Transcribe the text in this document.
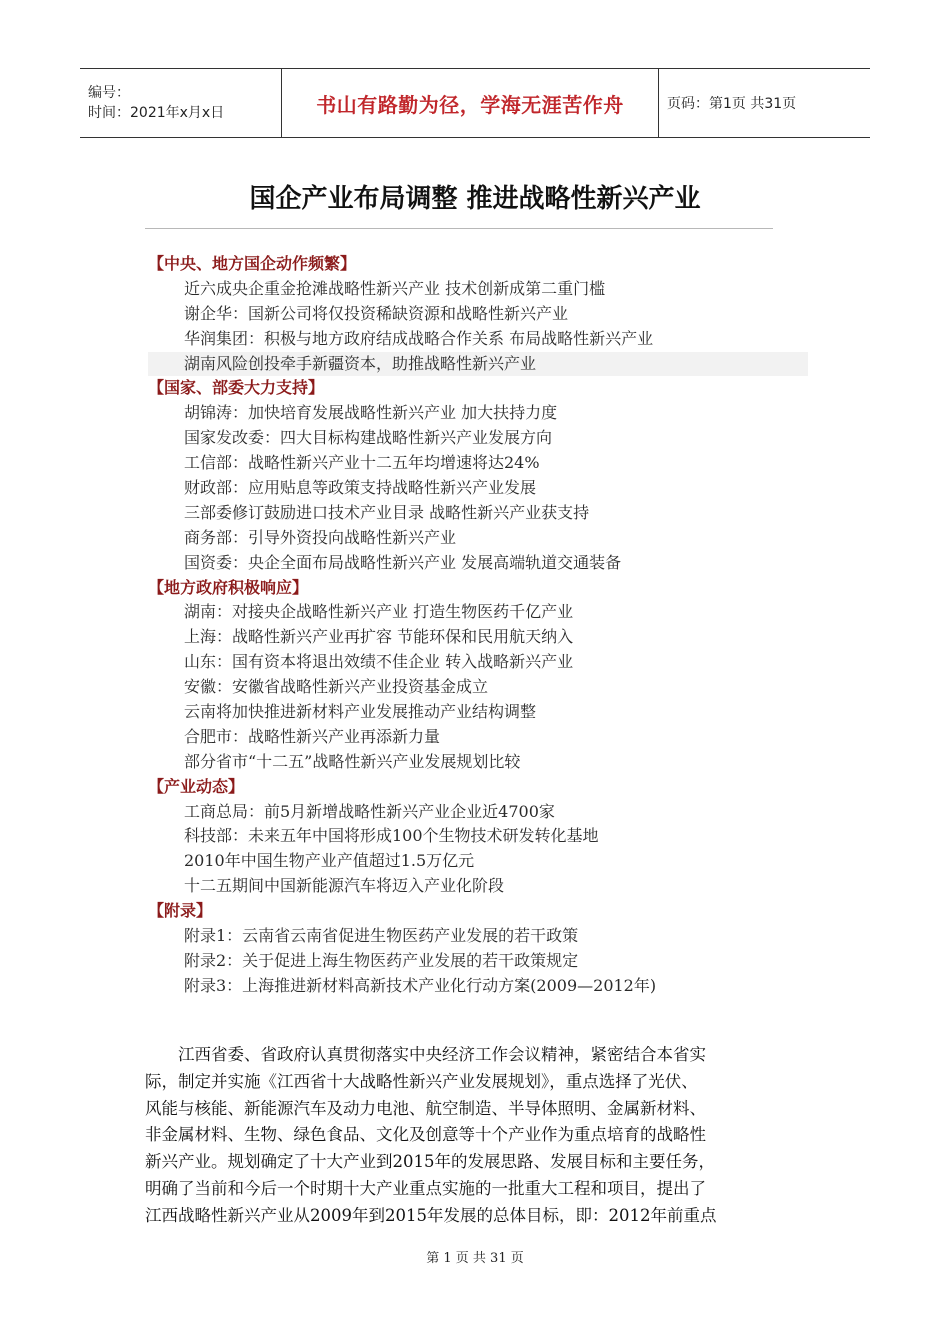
编号：
时间：2021年x月x日	书山有路勤为径，学海无涯苦作舟	页码：第1页 共31页
国企产业布局调整 推进战略性新兴产业
【中央、地方国企动作频繁】
近六成央企重金抢滩战略性新兴产业 技术创新成第二重门槛
谢企华：国新公司将仅投资稀缺资源和战略性新兴产业
华润集团：积极与地方政府结成战略合作关系 布局战略性新兴产业
湖南风险创投牵手新疆资本，助推战略性新兴产业
【国家、部委大力支持】
胡锦涛：加快培育发展战略性新兴产业 加大扶持力度
国家发改委：四大目标构建战略性新兴产业发展方向
工信部：战略性新兴产业十二五年均增速将达24%
财政部：应用贴息等政策支持战略性新兴产业发展
三部委修订鼓励进口技术产业目录 战略性新兴产业获支持
商务部：引导外资投向战略性新兴产业
国资委：央企全面布局战略性新兴产业 发展高端轨道交通装备
【地方政府积极响应】
湖南：对接央企战略性新兴产业 打造生物医药千亿产业
上海：战略性新兴产业再扩容 节能环保和民用航天纳入
山东：国有资本将退出效绩不佳企业 转入战略新兴产业
安徽：安徽省战略性新兴产业投资基金成立
云南将加快推进新材料产业发展推动产业结构调整
合肥市：战略性新兴产业再添新力量
部分省市“十二五”战略性新兴产业发展规划比较
【产业动态】
工商总局：前5月新增战略性新兴产业企业近4700家
科技部：未来五年中国将形成100个生物技术研发转化基地
2010年中国生物产业产值超过1.5万亿元
十二五期间中国新能源汽车将迈入产业化阶段
【附录】
附录1：云南省云南省促进生物医药产业发展的若干政策
附录2：关于促进上海生物医药产业发展的若干政策规定
附录3：上海推进新材料高新技术产业化行动方案(2009—2012年)
　　江西省委、省政府认真贯彻落实中央经济工作会议精神，紧密结合本省实
际，制定并实施《江西省十大战略性新兴产业发展规划》，重点选择了光伏、
风能与核能、新能源汽车及动力电池、航空制造、半导体照明、金属新材料、
非金属材料、生物、绿色食品、文化及创意等十个产业作为重点培育的战略性
新兴产业。规划确定了十大产业到2015年的发展思路、发展目标和主要任务，
明确了当前和今后一个时期十大产业重点实施的一批重大工程和项目，提出了
江西战略性新兴产业从2009年到2015年发展的总体目标，即：2012年前重点
第 1 页 共 31 页
